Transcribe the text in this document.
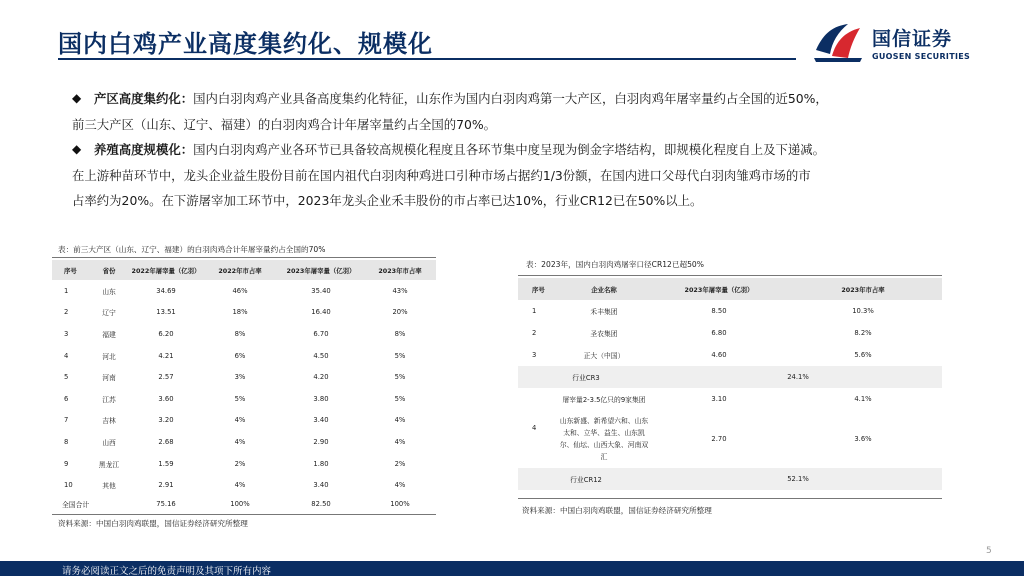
国内白鸡产业高度集约化、规模化	国信证券
GUOSEN SECURITIES
◆ 产区高度集约化：国内白羽肉鸡产业具备高度集约化特征，山东作为国内白羽肉鸡第一大产区，白羽肉鸡年屠宰量约占全国的近50%，
前三大产区（山东、辽宁、福建）的白羽肉鸡合计年屠宰量约占全国的70%。
◆ 养殖高度规模化：国内白羽肉鸡产业各环节已具备较高规模化程度且各环节集中度呈现为倒金字塔结构，即规模化程度自上及下递减。
在上游种苗环节中，龙头企业益生股份目前在国内祖代白羽肉种鸡进口引种市场占据约1/3份额，在国内进口父母代白羽肉雏鸡市场的市
占率约为20%。在下游屠宰加工环节中，2023年龙头企业禾丰股份的市占率已达10%，行业CR12已在50%以上。
表：前三大产区（山东、辽宁、福建）的白羽肉鸡合计年屠宰量约占全国的70%
序号	省份	2022年屠宰量（亿羽）	2022年市占率	2023年屠宰量（亿羽）	2023年市占率
1	山东	34.69	46%	35.40	43%
2	辽宁	13.51	18%	16.40	20%
3	福建	6.20	8%	6.70	8%
4	河北	4.21	6%	4.50	5%
5	河南	2.57	3%	4.20	5%
6	江苏	3.60	5%	3.80	5%
7	吉林	3.20	4%	3.40	4%
8	山西	2.68	4%	2.90	4%
9	黑龙江	1.59	2%	1.80	2%
10	其他	2.91	4%	3.40	4%
全国合计		75.16	100%	82.50	100%
资料来源：中国白羽肉鸡联盟，国信证券经济研究所整理
表：2023年，国内白羽肉鸡屠宰口径CR12已超50%
序号	企业名称	2023年屠宰量（亿羽）	2023年市占率
1	禾丰集团	8.50	10.3%
2	圣农集团	6.80	8.2%
3	正大（中国）	4.60	5.6%
行业CR3		24.1%	
4	屠宰量2-3.5亿只的9家集团	3.10	4.1%
	山东新盛、新希望六和、山东太和、立华、益生、山东凯尔、仙坛、山西大象、河南双汇	2.70	3.6%
行业CR12		52.1%	
资料来源：中国白羽肉鸡联盟，国信证券经济研究所整理
5
请务必阅读正文之后的免责声明及其项下所有内容
